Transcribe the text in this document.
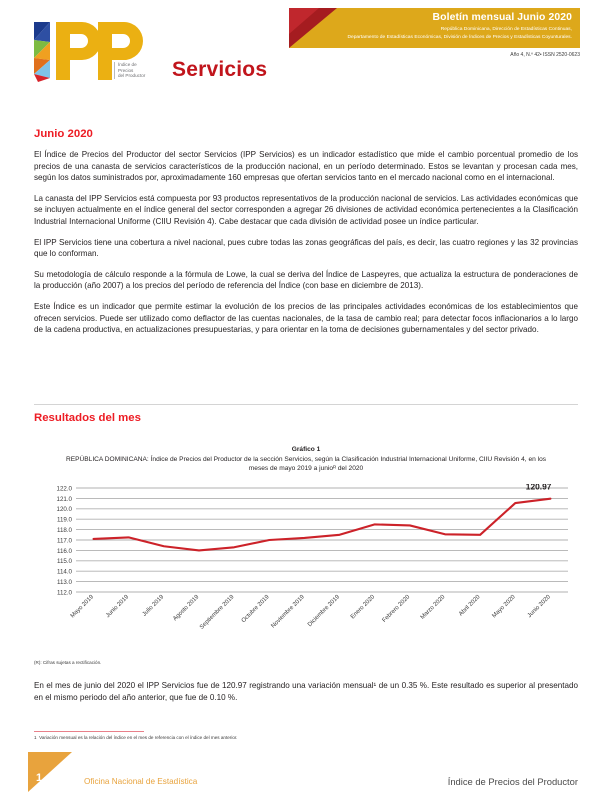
Índice de
Precios
del Productor	Servicios
Boletín mensual Junio 2020
República Dominicana, Dirección de Estadísticas Continuas,
Departamento de Estadísticas Económicas, División de Índices de Precios y Estadísticas Coyunturales.
Año 4, N.º 42• ISSN 2520-0623
Junio 2020

El Índice de Precios del Productor del sector Servicios (IPP Servicios) es un indicador estadístico que mide el cambio porcentual promedio de los precios de una canasta de servicios característicos de la producción nacional, en un período determinado. Estos se levantan y procesan cada mes, según los datos suministrados por, aproximadamente 160 empresas que ofertan servicios tanto en el mercado nacional como en el internacional.

La canasta del IPP Servicios está compuesta por 93 productos representativos de la producción nacional de servicios. Las actividades económicas que se incluyen actualmente en el índice general del sector corresponden a agregar 26 divisiones de actividad económica pertenecientes a la Clasificación Industrial Internacional Uniforme (CIIU Revisión 4). Cabe destacar que cada división de actividad posee un índice particular.

El IPP Servicios tiene una cobertura a nivel nacional, pues cubre todas las zonas geográficas del país, es decir, las cuatro regiones y las 32 provincias que lo conforman.

Su metodología de cálculo responde a la fórmula de Lowe, la cual se deriva del Índice de Laspeyres, que actualiza la estructura de ponderaciones de la producción (año 2007) a los precios del período de referencia del Índice (con base en diciembre de 2013).

Este Índice es un indicador que permite estimar la evolución de los precios de las principales actividades económicas de los establecimientos que ofrecen servicios. Puede ser utilizado como deflactor de las cuentas nacionales, de la tasa de cambio real; para detectar focos inflacionarios a lo largo de la cadena productiva, en actualizaciones presupuestarias, y para orientar en la toma de decisiones gubernamentales y del sector privado.

Resultados del mes
Gráfico 1
REPÚBLICA DOMINICANA: Índice de Precios del Productor de la sección Servicios, según la Clasificación Industrial Internacional Uniforme, CIIU Revisión 4, en los meses de mayo 2019 a junioᴿ del 2020
112.0
113.0
114.0
115.0
116.0
117.0
118.0
119.0
120.0
121.0
122.0	120.97
Mayo 2019 Junio 2019 Julio 2019 Agosto 2019
Septiembre 2019 Octubre 2019 Noviembre 2019 Diciembre 2019 Enero 2020 Febrero 2020 Marzo 2020 Abril 2020 Mayo 2020 Junio 2020
(R): Cifras sujetas a rectificación.

En el mes de junio del 2020 el IPP Servicios fue de 120.97 registrando una variación mensual¹ de un 0.35 %. Este resultado es superior al presentado en el mismo periodo del año anterior, que fue de 0.10 %.

1 Variación mensual es la relación del índice en el mes de referencia con el índice del mes anterior.
1	Oficina Nacional de Estadística	Índice de Precios del Productor
